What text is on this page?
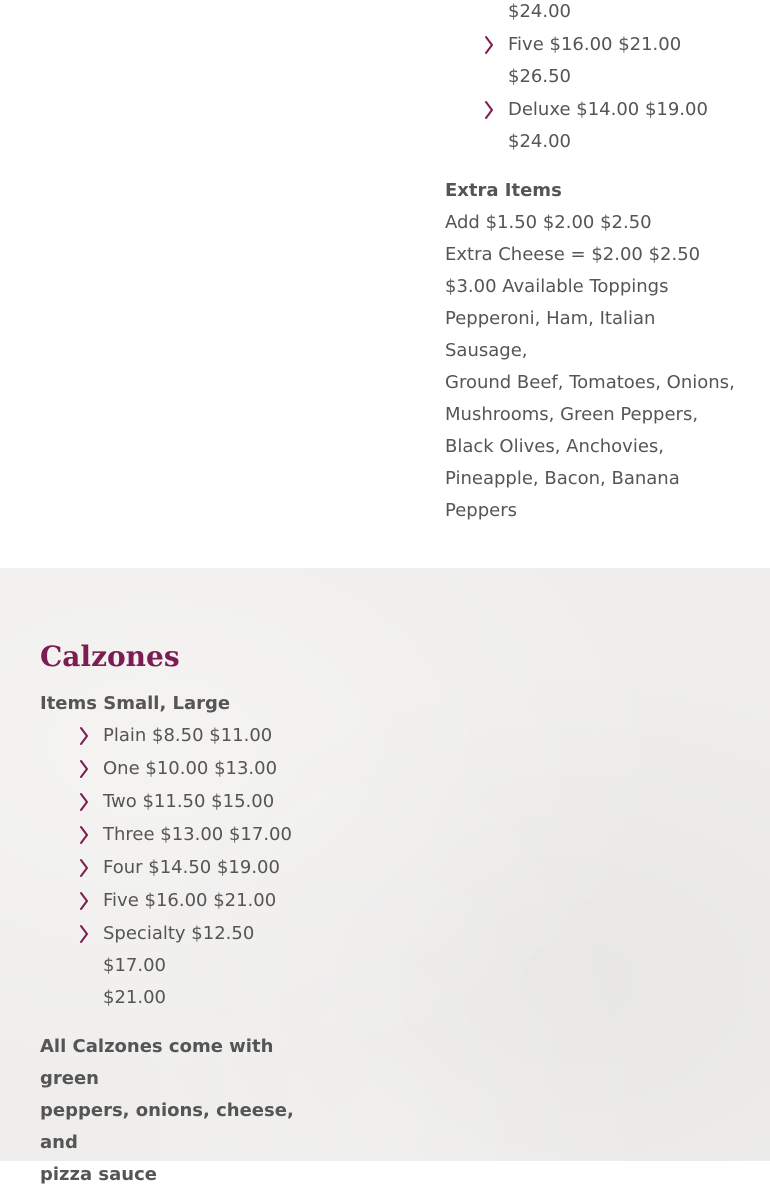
$24.00
Five $16.00 $21.00
$26.50
Deluxe $14.00 $19.00
$24.00
Extra Items
Add $1.50 $2.00 $2.50
Extra Cheese = $2.00 $2.50
$3.00 Available Toppings
Pepperoni, Ham, Italian Sausage,
Ground Beef, Tomatoes, Onions,
Mushrooms, Green Peppers,
Black Olives, Anchovies,
Pineapple, Bacon, Banana
Peppers
Calzones
Items Small, Large
Plain $8.50 $11.00
One $10.00 $13.00
Two $11.50 $15.00
Three $13.00 $17.00
Four $14.50 $19.00
Five $16.00 $21.00
Specialty $12.50 $17.00
$21.00
All Calzones come with green
peppers, onions, cheese, and
pizza sauce
